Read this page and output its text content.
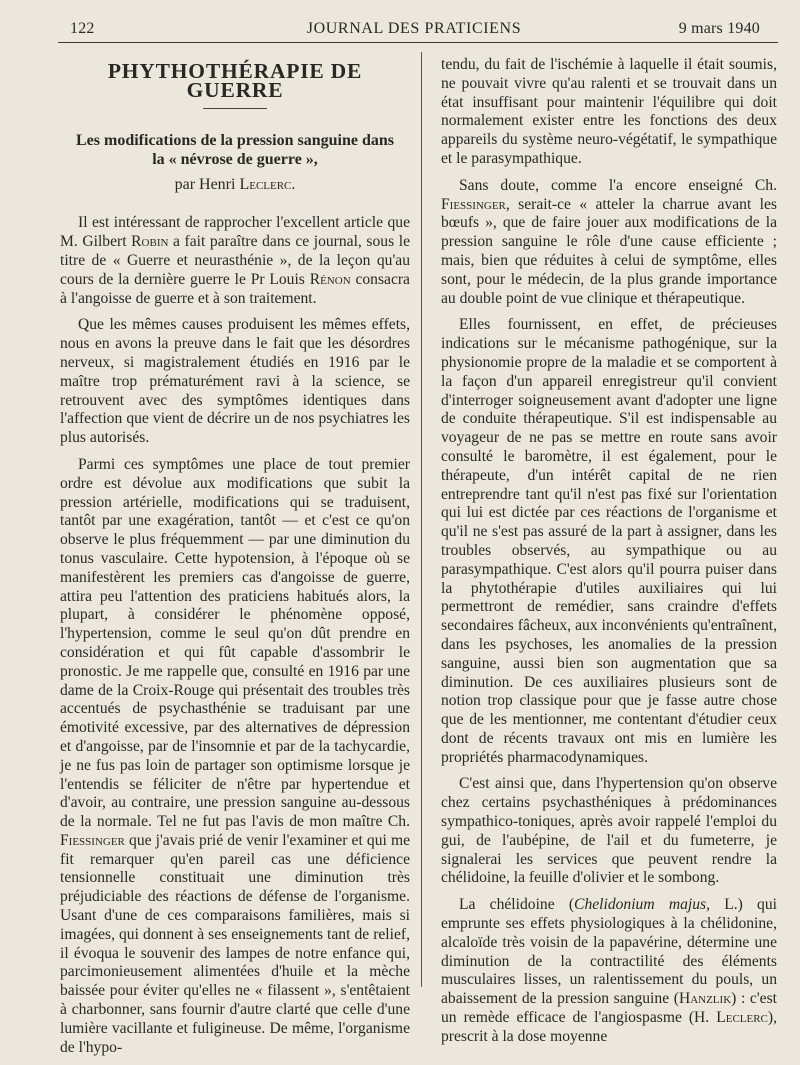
122	JOURNAL DES PRATICIENS	9 mars 1940
PHYTHOTHÉRAPIE DE GUERRE
Les modifications de la pression sanguine dans la « névrose de guerre »,
par Henri Leclerc.

Il est intéressant de rapprocher l'excellent article que M. Gilbert Robin a fait paraître dans ce journal, sous le titre de « Guerre et neurasthénie », de la leçon qu'au cours de la dernière guerre le Pr Louis Rénon consacra à l'angoisse de guerre et à son traitement.

Que les mêmes causes produisent les mêmes effets, nous en avons la preuve dans le fait que les désordres nerveux, si magistralement étudiés en 1916 par le maître trop prématurément ravi à la science, se retrouvent avec des symptômes identiques dans l'affection que vient de décrire un de nos psychiatres les plus autorisés.

Parmi ces symptômes une place de tout premier ordre est dévolue aux modifications que subit la pression artérielle, modifications qui se traduisent, tantôt par une exagération, tantôt — et c'est ce qu'on observe le plus fréquemment — par une diminution du tonus vasculaire. Cette hypotension, à l'époque où se manifestèrent les premiers cas d'angoisse de guerre, attira peu l'attention des praticiens habitués alors, la plupart, à considérer le phénomène opposé, l'hypertension, comme le seul qu'on dût prendre en considération et qui fût capable d'assombrir le pronostic. Je me rappelle que, consulté en 1916 par une dame de la Croix-Rouge qui présentait des troubles très accentués de psychasthénie se traduisant par une émotivité excessive, par des alternatives de dépression et d'angoisse, par de l'insomnie et par de la tachycardie, je ne fus pas loin de partager son optimisme lorsque je l'entendis se féliciter de n'être par hypertendue et d'avoir, au contraire, une pression sanguine au-dessous de la normale. Tel ne fut pas l'avis de mon maître Ch. Fiessinger que j'avais prié de venir l'examiner et qui me fit remarquer qu'en pareil cas une déficience tensionnelle constituait une diminution très préjudiciable des réactions de défense de l'organisme. Usant d'une de ces comparaisons familières, mais si imagées, qui donnent à ses enseignements tant de relief, il évoqua le souvenir des lampes de notre enfance qui, parcimonieusement alimentées d'huile et la mèche baissée pour éviter qu'elles ne « filassent », s'entêtaient à charbonner, sans fournir d'autre clarté que celle d'une lumière vacillante et fuligineuse. De même, l'organisme de l'hypo-

tendu, du fait de l'ischémie à laquelle il était soumis, ne pouvait vivre qu'au ralenti et se trouvait dans un état insuffisant pour maintenir l'équilibre qui doit normalement exister entre les fonctions des deux appareils du système neuro-végétatif, le sympathique et le parasympathique.

Sans doute, comme l'a encore enseigné Ch. Fiessinger, serait-ce « atteler la charrue avant les bœufs », que de faire jouer aux modifications de la pression sanguine le rôle d'une cause efficiente ; mais, bien que réduites à celui de symptôme, elles sont, pour le médecin, de la plus grande importance au double point de vue clinique et thérapeutique.

Elles fournissent, en effet, de précieuses indications sur le mécanisme pathogénique, sur la physionomie propre de la maladie et se comportent à la façon d'un appareil enregistreur qu'il convient d'interroger soigneusement avant d'adopter une ligne de conduite thérapeutique. S'il est indispensable au voyageur de ne pas se mettre en route sans avoir consulté le baromètre, il est également, pour le thérapeute, d'un intérêt capital de ne rien entreprendre tant qu'il n'est pas fixé sur l'orientation qui lui est dictée par ces réactions de l'organisme et qu'il ne s'est pas assuré de la part à assigner, dans les troubles observés, au sympathique ou au parasympathique. C'est alors qu'il pourra puiser dans la phytothérapie d'utiles auxiliaires qui lui permettront de remédier, sans craindre d'effets secondaires fâcheux, aux inconvénients qu'entraînent, dans les psychoses, les anomalies de la pression sanguine, aussi bien son augmentation que sa diminution. De ces auxiliaires plusieurs sont de notion trop classique pour que je fasse autre chose que de les mentionner, me contentant d'étudier ceux dont de récents travaux ont mis en lumière les propriétés pharmacodynamiques.

C'est ainsi que, dans l'hypertension qu'on observe chez certains psychasthéniques à prédominances sympathico-toniques, après avoir rappelé l'emploi du gui, de l'aubépine, de l'ail et du fumeterre, je signalerai les services que peuvent rendre la chélidoine, la feuille d'olivier et le sombong.

La chélidoine (Chelidonium majus, L.) qui emprunte ses effets physiologiques à la chélidonine, alcaloïde très voisin de la papavérine, détermine une diminution de la contractilité des éléments musculaires lisses, un ralentissement du pouls, un abaissement de la pression sanguine (Hanzlik) : c'est un remède efficace de l'angiospasme (H. Leclerc), prescrit à la dose moyenne
